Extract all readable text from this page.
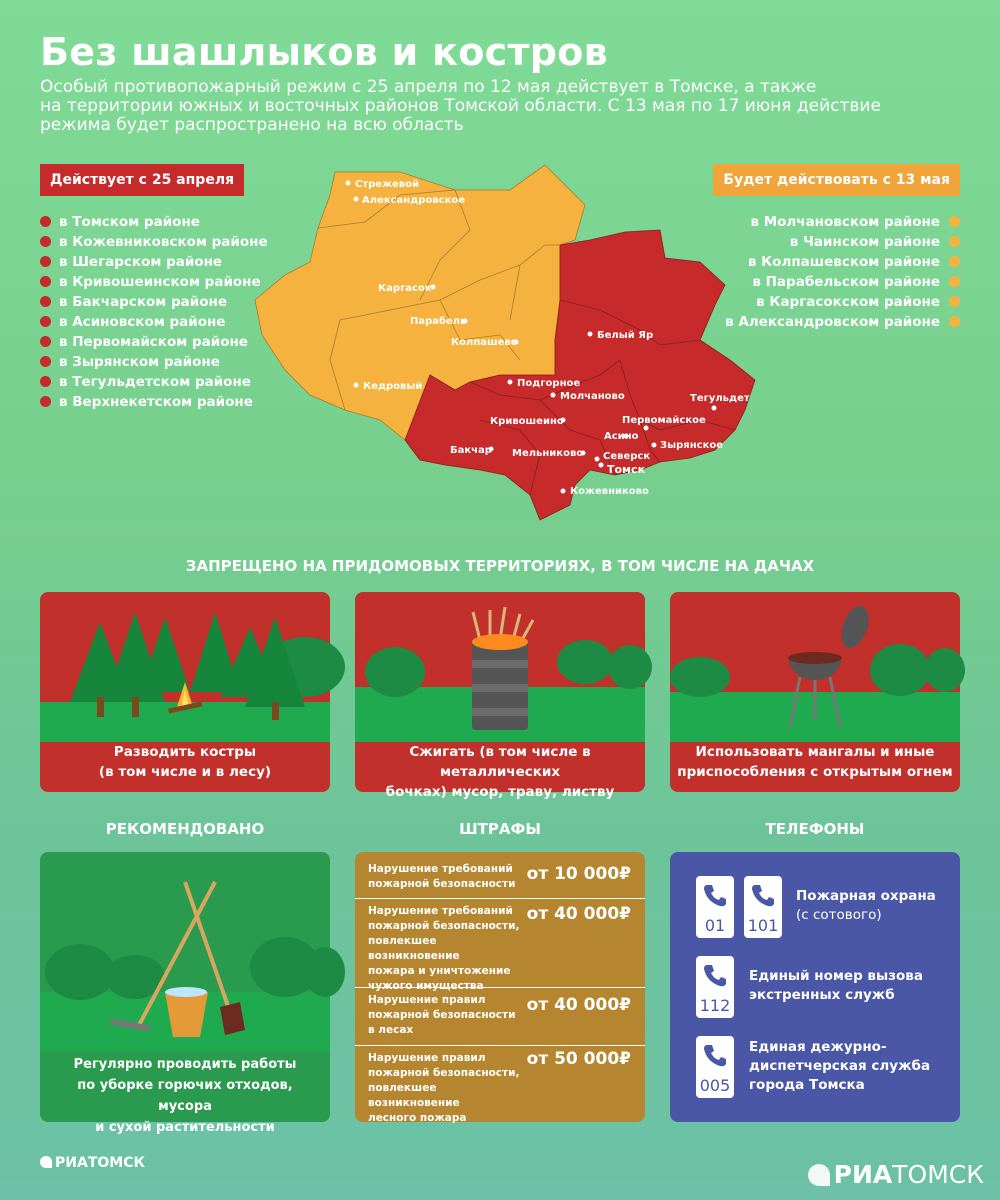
Без шашлыков и костров
Особый противопожарный режим с 25 апреля по 12 мая действует в Томске, а также
на территории южных и восточных районов Томской области. С 13 мая по 17 июня действие
режима будет распространено на всю область
Действует с 25 апреля
в Томском районе
в Кожевниковском районе
в Шегарском районе
в Кривошеинском районе
в Бакчарском районе
в Асиновском районе
в Первомайском районе
в Зырянском районе
в Тегульдетском районе
в Верхнекетском районе
Будет действовать с 13 мая
в Молчановском районе
в Чаинском районе
в Колпашевском районе
в Парабельском районе
в Каргасокском районе
в Александровском районе
Стрежевой
Александровское
Каргасок
Парабель
Колпашево
Кедровый	Подгорное
Молчаново
Белый Яр
Тегульдет
Первомайское
Кривошеино
Асино
Зырянское
Бакчар Мельниково Северск
Томск
Кожевниково
ЗАПРЕЩЕНО НА ПРИДОМОВЫХ ТЕРРИТОРИЯХ, В ТОМ ЧИСЛЕ НА ДАЧАХ
Разводить костры
(в том числе и в лесу)
Сжигать (в том числе в металлических
бочках) мусор, траву, листву
Использовать мангалы и иные
приспособления с открытым огнем
РЕКОМЕНДОВАНО	ШТРАФЫ	ТЕЛЕФОНЫ
Регулярно проводить работы
по уборке горючих отходов, мусора
и сухой растительности
Нарушение требований
пожарной безопасности от 10 000₽
Нарушение требований
пожарной безопасности,
повлекшее возникновение
пожара и уничтожение
чужого имущества
от 40 000₽
Нарушение правил
пожарной безопасности
в лесах
от 40 000₽
Нарушение правил
пожарной безопасности,
повлекшее возникновение
лесного пожара
от 50 000₽
01	101
Пожарная охрана
(с сотового)
112
Единый номер вызова
экстренных служб
005
Единая дежурно-
диспетчерская служба
города Томска
РИАТОМСК	РИАТОМСК
